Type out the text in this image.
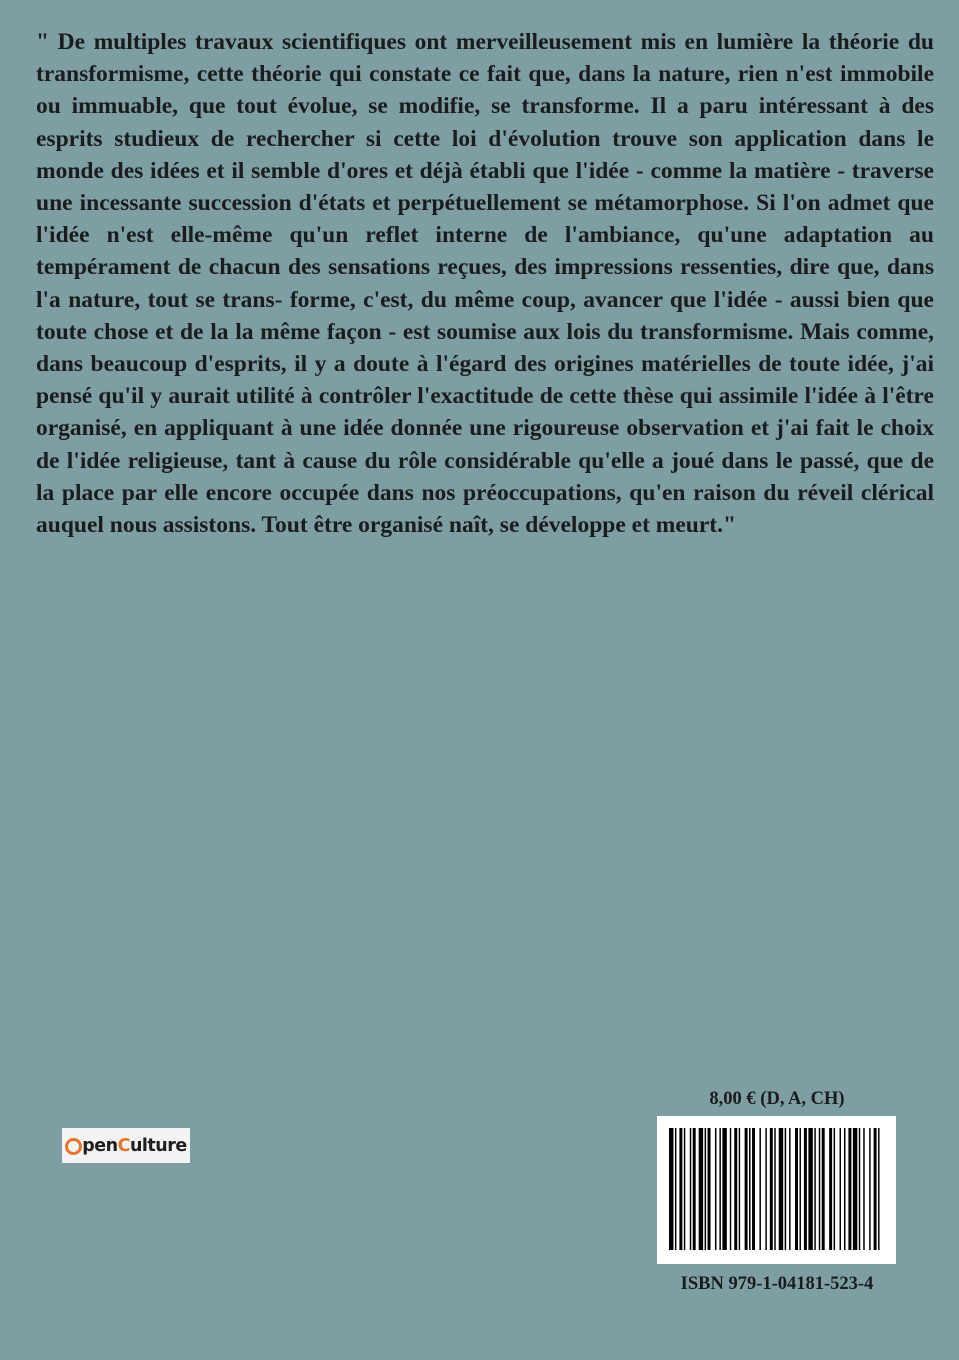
" De multiples travaux scientifiques ont merveilleusement mis en lumière la théorie du transformisme, cette théorie qui constate ce fait que, dans la nature, rien n'est immobile ou immuable, que tout évolue, se modifie, se transforme. Il a paru intéressant à des esprits studieux de rechercher si cette loi d'évolution trouve son application dans le monde des idées et il semble d'ores et déjà établi que l'idée - comme la matière - traverse une incessante succession d'états et perpétuellement se métamorphose. Si l'on admet que l'idée n'est elle-même qu'un reflet interne de l'ambiance, qu'une adaptation au tempérament de chacun des sensations reçues, des impressions ressenties, dire que, dans l'a nature, tout se trans- forme, c'est, du même coup, avancer que l'idée - aussi bien que toute chose et de la la même façon - est soumise aux lois du transformisme. Mais comme, dans beaucoup d'esprits, il y a doute à l'égard des origines matérielles de toute idée, j'ai pensé qu'il y aurait utilité à contrôler l'exactitude de cette thèse qui assimile l'idée à l'être organisé, en appliquant à une idée donnée une rigoureuse observation et j'ai fait le choix de l'idée religieuse, tant à cause du rôle considérable qu'elle a joué dans le passé, que de la place par elle encore occupée dans nos préoccupations, qu'en raison du réveil clérical auquel nous assistons. Tout être organisé naît, se développe et meurt."

pen C ulture
8,00 € (D, A, CH)
ISBN 979-1-04181-523-4
